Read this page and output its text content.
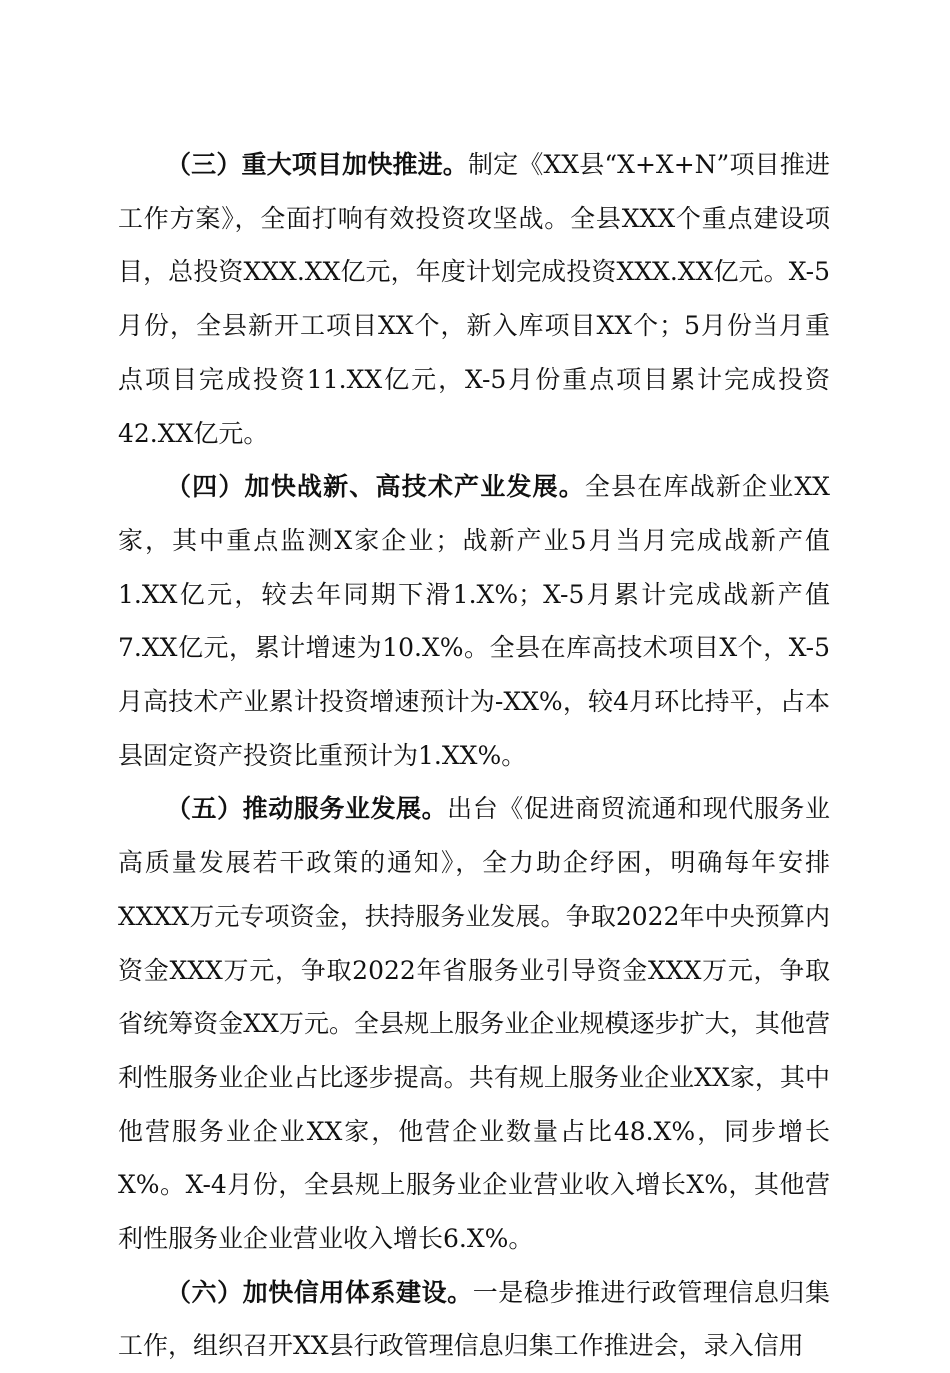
（三）重大项目加快推进。制定《XX县“X+X+N”项目推进工作方案》，全面打响有效投资攻坚战。全县XXX个重点建设项目，总投资XXX.XX亿元，年度计划完成投资XXX.XX亿元。X-5月份，全县新开工项目XX个，新入库项目XX个；5月份当月重点项目完成投资11.XX亿元，X-5月份重点项目累计完成投资42.XX亿元。

（四）加快战新、高技术产业发展。全县在库战新企业XX家，其中重点监测X家企业；战新产业5月当月完成战新产值1.XX亿元，较去年同期下滑1.X%；X-5月累计完成战新产值7.XX亿元，累计增速为10.X%。全县在库高技术项目X个，X-5月高技术产业累计投资增速预计为-XX%，较4月环比持平，占本县固定资产投资比重预计为1.XX%。

（五）推动服务业发展。出台《促进商贸流通和现代服务业高质量发展若干政策的通知》，全力助企纾困，明确每年安排XXXX万元专项资金，扶持服务业发展。争取2022年中央预算内资金XXX万元，争取2022年省服务业引导资金XXX万元，争取省统筹资金XX万元。全县规上服务业企业规模逐步扩大，其他营利性服务业企业占比逐步提高。共有规上服务业企业XX家，其中他营服务业企业XX家，他营企业数量占比48.X%，同步增长X%。X-4月份，全县规上服务业企业营业收入增长X%，其他营利性服务业企业营业收入增长6.X%。

（六）加快信用体系建设。一是稳步推进行政管理信息归集工作，组织召开XX县行政管理信息归集工作推进会，录入信用
